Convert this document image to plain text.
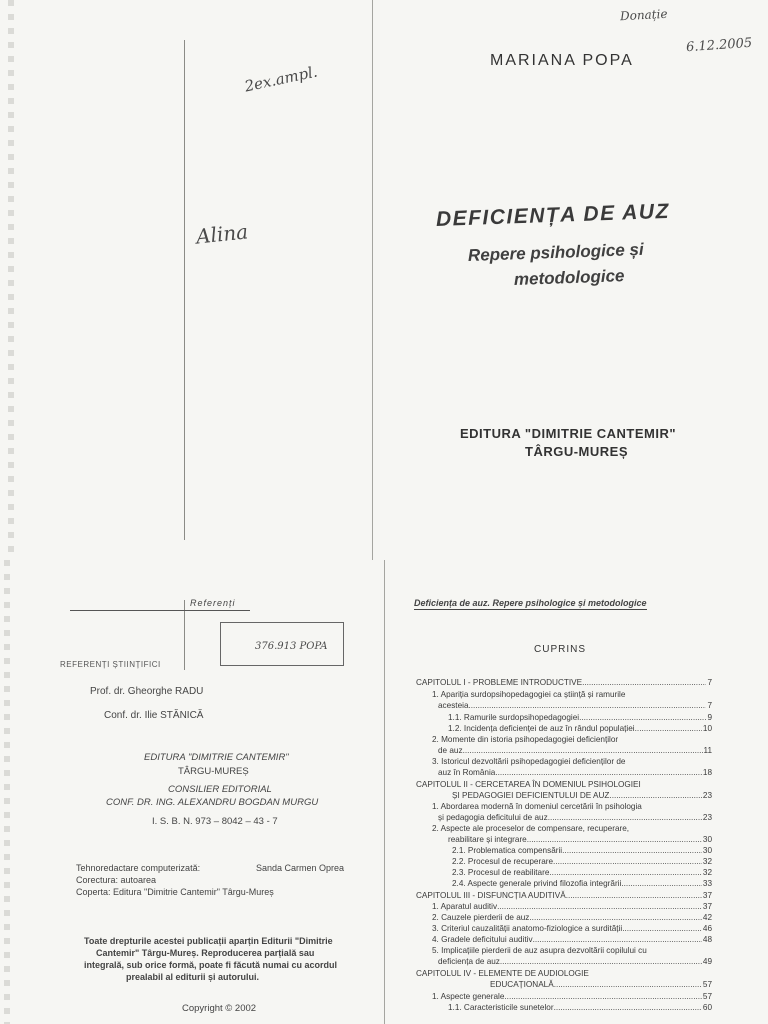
Donație
6.12.2005
2ex.ampl.
Alina
MARIANA POPA
DEFICIENȚA DE AUZ
Repere psihologice și
metodologice
EDITURA "DIMITRIE CANTEMIR"
TÂRGU-MUREȘ
Referenți
REFERENȚI ȘTIINȚIFICI
376.913 POPA
Prof. dr. Gheorghe RADU
Conf. dr. Ilie STĂNICĂ
EDITURA "DIMITRIE CANTEMIR"
TÂRGU-MUREȘ
CONSILIER EDITORIAL
CONF. DR. ING. ALEXANDRU BOGDAN MURGU
I. S. B. N. 973 – 8042 – 43 - 7
Tehnoredactare computerizată:	Sanda Carmen Oprea
Corectura: autoarea
Coperta: Editura "Dimitrie Cantemir" Târgu-Mureș
Toate drepturile acestei publicații aparțin Editurii "Dimitrie
Cantemir" Târgu-Mureș. Reproducerea parțială sau
integrală, sub orice formă, poate fi făcută numai cu acordul
prealabil al editurii și autorului.
Copyright © 2002
Deficiența de auz. Repere psihologice și metodologice
CUPRINS
CAPITOLUL I - PROBLEME INTRODUCTIVE .....	7
1. Apariția surdopsihopedagogiei ca știință și ramurile
acesteia .....	7
1.1. Ramurile surdopsihopedagogiei .....	9
1.2. Incidența deficienței de auz în rândul populației .....	10
2. Momente din istoria psihopedagogiei deficienților
de auz .....	11
3. Istoricul dezvoltării psihopedagogiei deficienților de
auz în România .....	18
CAPITOLUL II - CERCETAREA ÎN DOMENIUL PSIHOLOGIEI
ȘI PEDAGOGIEI DEFICIENTULUI DE AUZ .....	23
1. Abordarea modernă în domeniul cercetării în psihologia
și pedagogia deficitului de auz .....	23
2. Aspecte ale proceselor de compensare, recuperare,
reabilitare și integrare .....	30
2.1. Problematica compensării .....	30
2.2. Procesul de recuperare .....	32
2.3. Procesul de reabilitare .....	32
2.4. Aspecte generale privind filozofia integrării .....	33
CAPITOLUL III - DISFUNCȚIA AUDITIVĂ .....	37
1. Aparatul auditiv .....	37
2. Cauzele pierderii de auz .....	42
3. Criteriul cauzalității anatomo-fiziologice a surdității .....	46
4. Gradele deficitului auditiv .....	48
5. Implicațiile pierderii de auz asupra dezvoltării copilului cu
deficiența de auz .....	49
CAPITOLUL IV - ELEMENTE DE AUDIOLOGIE
EDUCAȚIONALĂ .....	57
1. Aspecte generale .....	57
1.1. Caracteristicile sunetelor .....	60
